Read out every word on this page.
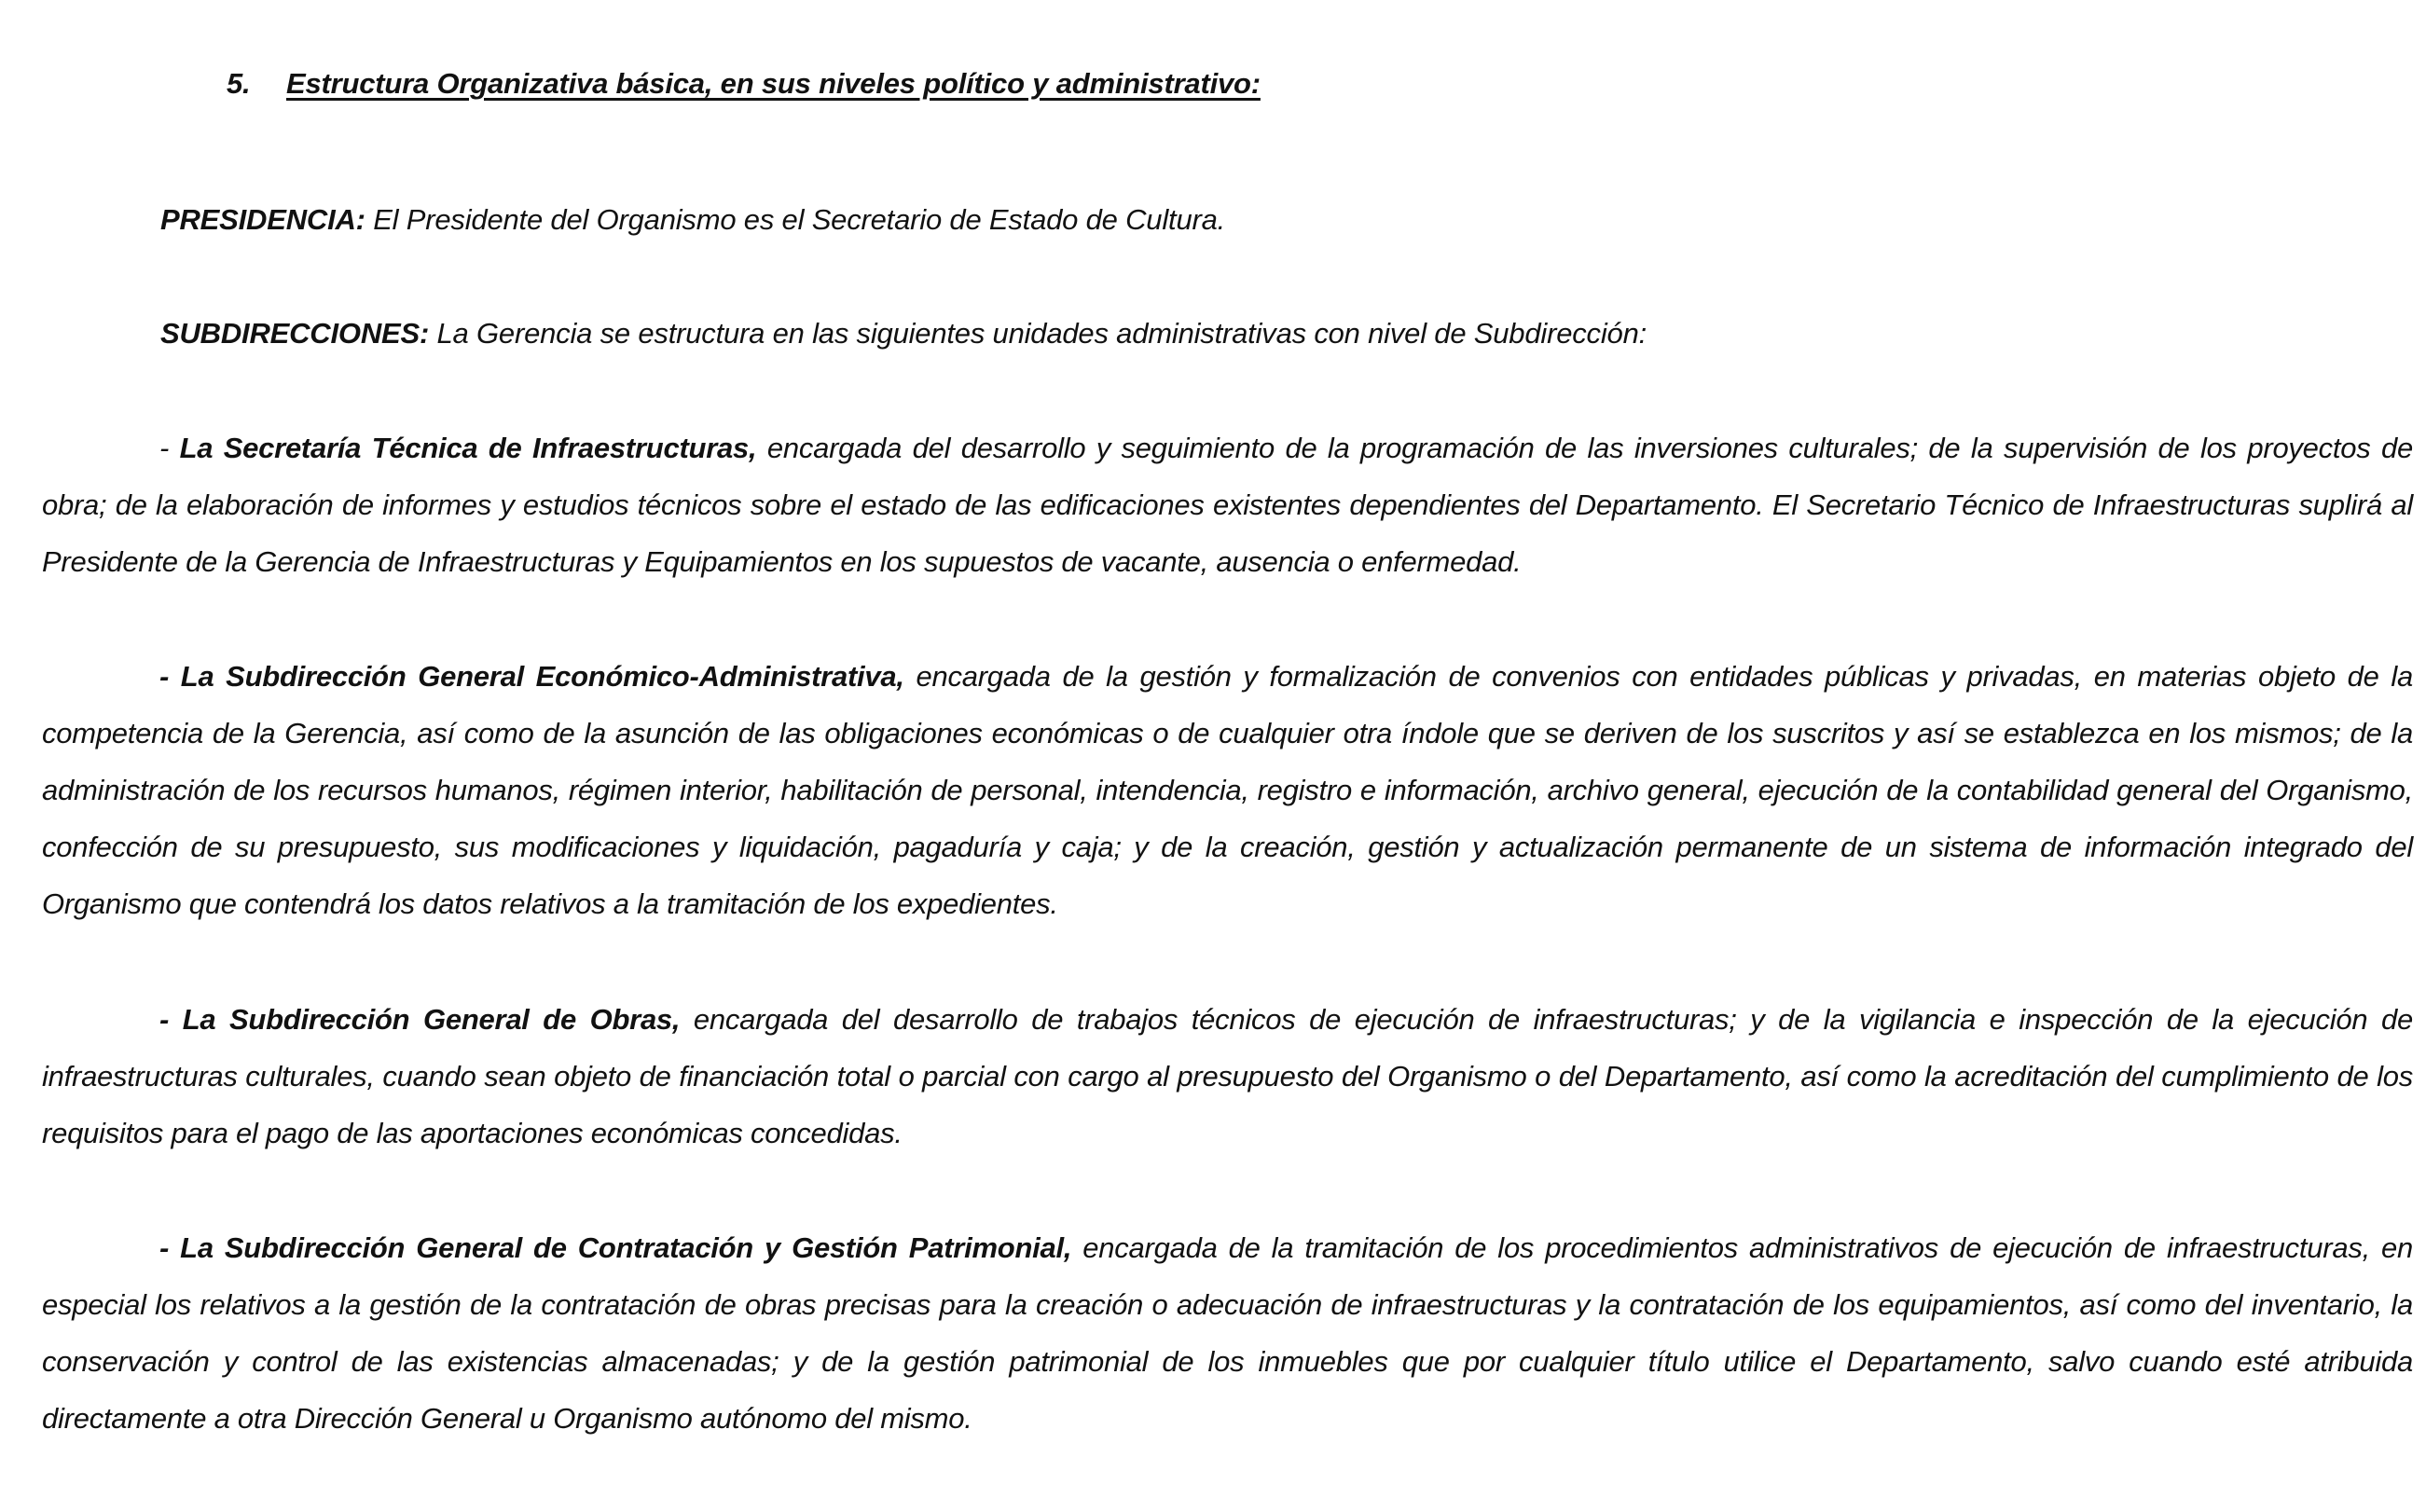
5. Estructura Organizativa básica, en sus niveles político y administrativo:

PRESIDENCIA: El Presidente del Organismo es el Secretario de Estado de Cultura.

SUBDIRECCIONES: La Gerencia se estructura en las siguientes unidades administrativas con nivel de Subdirección:

- La Secretaría Técnica de Infraestructuras, encargada del desarrollo y seguimiento de la programación de las inversiones culturales; de la supervisión de los proyectos de obra; de la elaboración de informes y estudios técnicos sobre el estado de las edificaciones existentes dependientes del Departamento. El Secretario Técnico de Infraestructuras suplirá al Presidente de la Gerencia de Infraestructuras y Equipamientos en los supuestos de vacante, ausencia o enfermedad.

- La Subdirección General Económico-Administrativa, encargada de la gestión y formalización de convenios con entidades públicas y privadas, en materias objeto de la competencia de la Gerencia, así como de la asunción de las obligaciones económicas o de cualquier otra índole que se deriven de los suscritos y así se establezca en los mismos; de la administración de los recursos humanos, régimen interior, habilitación de personal, intendencia, registro e información, archivo general, ejecución de la contabilidad general del Organismo, confección de su presupuesto, sus modificaciones y liquidación, pagaduría y caja; y de la creación, gestión y actualización permanente de un sistema de información integrado del Organismo que contendrá los datos relativos a la tramitación de los expedientes.

- La Subdirección General de Obras, encargada del desarrollo de trabajos técnicos de ejecución de infraestructuras; y de la vigilancia e inspección de la ejecución de infraestructuras culturales, cuando sean objeto de financiación total o parcial con cargo al presupuesto del Organismo o del Departamento, así como la acreditación del cumplimiento de los requisitos para el pago de las aportaciones económicas concedidas.

- La Subdirección General de Contratación y Gestión Patrimonial, encargada de la tramitación de los procedimientos administrativos de ejecución de infraestructuras, en especial los relativos a la gestión de la contratación de obras precisas para la creación o adecuación de infraestructuras y la contratación de los equipamientos, así como del inventario, la conservación y control de las existencias almacenadas; y de la gestión patrimonial de los inmuebles que por cualquier título utilice el Departamento, salvo cuando esté atribuida directamente a otra Dirección General u Organismo autónomo del mismo.
